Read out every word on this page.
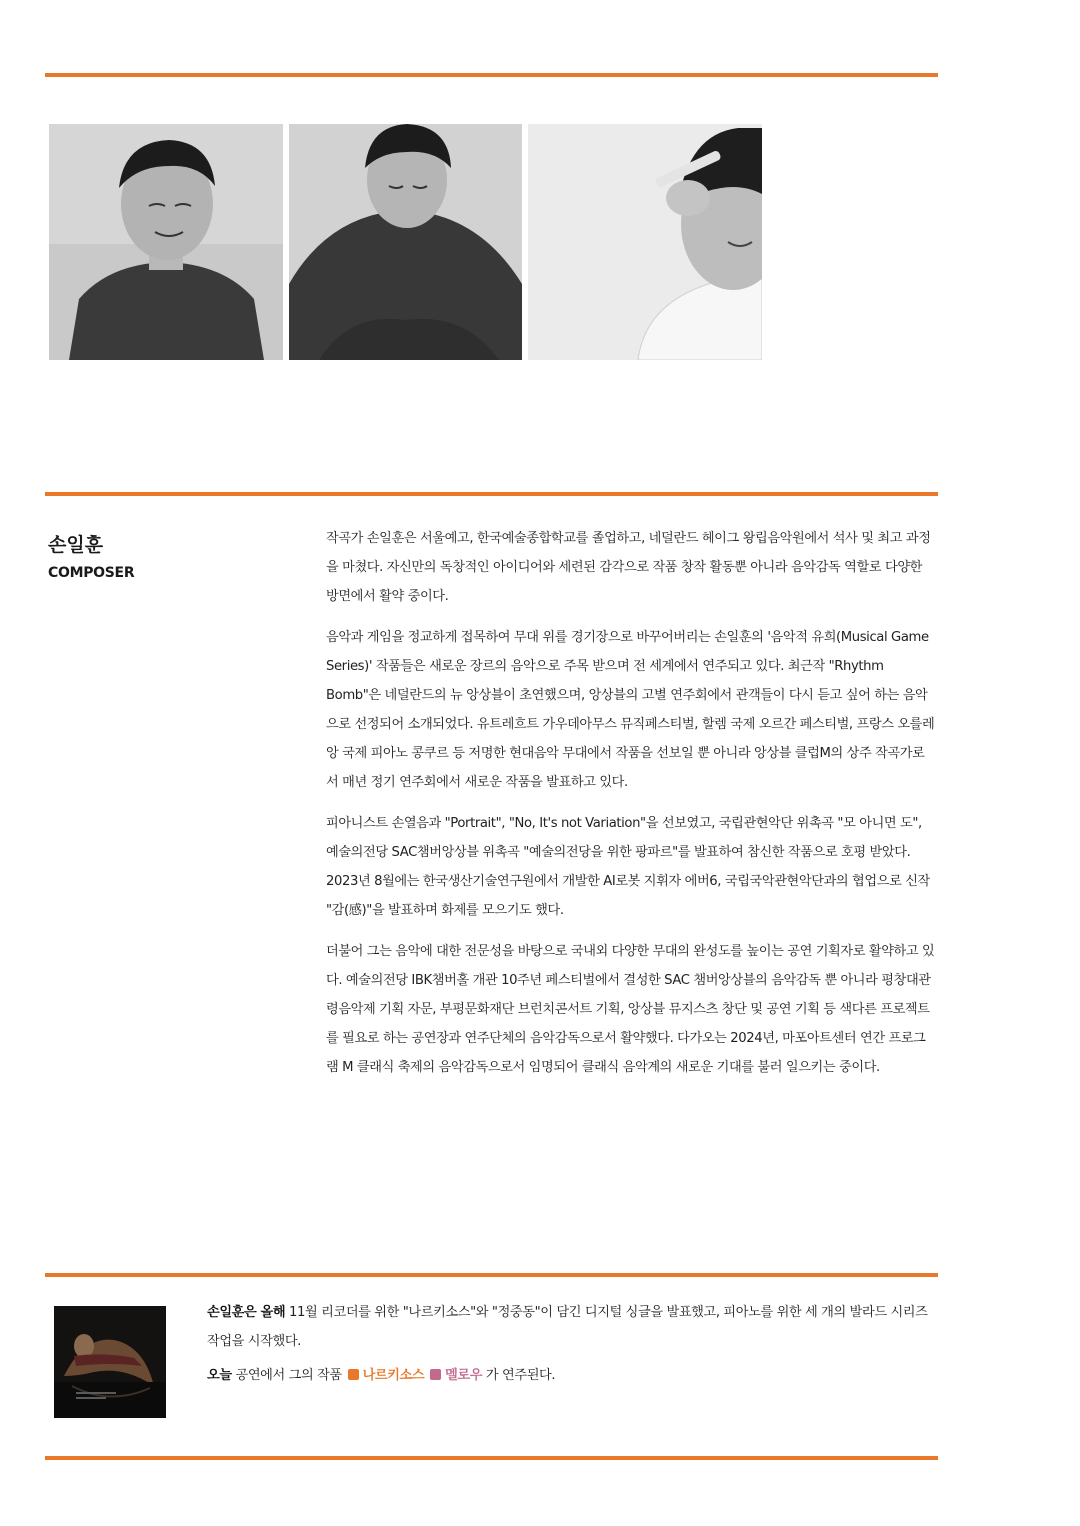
손일훈
COMPOSER

작곡가 손일훈은 서울예고, 한국예술종합학교를 졸업하고, 네덜란드 헤이그 왕립음악원에서 석사 및 최고 과정을 마쳤다. 자신만의 독창적인 아이디어와 세련된 감각으로 작품 창작 활동뿐 아니라 음악감독 역할로 다양한 방면에서 활약 중이다.

음악과 게임을 정교하게 접목하여 무대 위를 경기장으로 바꾸어버리는 손일훈의 '음악적 유희(Musical Game Series)' 작품들은 새로운 장르의 음악으로 주목 받으며 전 세계에서 연주되고 있다. 최근작 "Rhythm Bomb"은 네덜란드의 뉴 앙상블이 초연했으며, 앙상블의 고별 연주회에서 관객들이 다시 듣고 싶어 하는 음악으로 선정되어 소개되었다. 유트레흐트 가우데아무스 뮤직페스티벌, 할렘 국제 오르간 페스티벌, 프랑스 오를레앙 국제 피아노 콩쿠르 등 저명한 현대음악 무대에서 작품을 선보일 뿐 아니라 앙상블 클럽M의 상주 작곡가로서 매년 정기 연주회에서 새로운 작품을 발표하고 있다.

피아니스트 손열음과 "Portrait", "No, It's not Variation"을 선보였고, 국립관현악단 위촉곡 "모 아니면 도", 예술의전당 SAC챔버앙상블 위촉곡 "예술의전당을 위한 팡파르"를 발표하여 참신한 작품으로 호평 받았다. 2023년 8월에는 한국생산기술연구원에서 개발한 AI로봇 지휘자 에버6, 국립국악관현악단과의 협업으로 신작 "감(感)"을 발표하며 화제를 모으기도 했다.

더불어 그는 음악에 대한 전문성을 바탕으로 국내외 다양한 무대의 완성도를 높이는 공연 기획자로 활약하고 있다. 예술의전당 IBK챔버홀 개관 10주년 페스티벌에서 결성한 SAC 챔버앙상블의 음악감독 뿐 아니라 평창대관령음악제 기획 자문, 부평문화재단 브런치콘서트 기획, 앙상블 뮤지스츠 창단 및 공연 기획 등 색다른 프로젝트를 필요로 하는 공연장과 연주단체의 음악감독으로서 활약했다. 다가오는 2024년, 마포아트센터 연간 프로그램 M 클래식 축제의 음악감독으로서 임명되어 클래식 음악계의 새로운 기대를 불러 일으키는 중이다.

손일훈은 올해 11월 리코더를 위한 "나르키소스"와 "정중동"이 담긴 디지털 싱글을 발표했고, 피아노를 위한 세 개의 발라드 시리즈 작업을 시작했다.

오늘 공연에서 그의 작품 나르키소스 멜로우 가 연주된다.
